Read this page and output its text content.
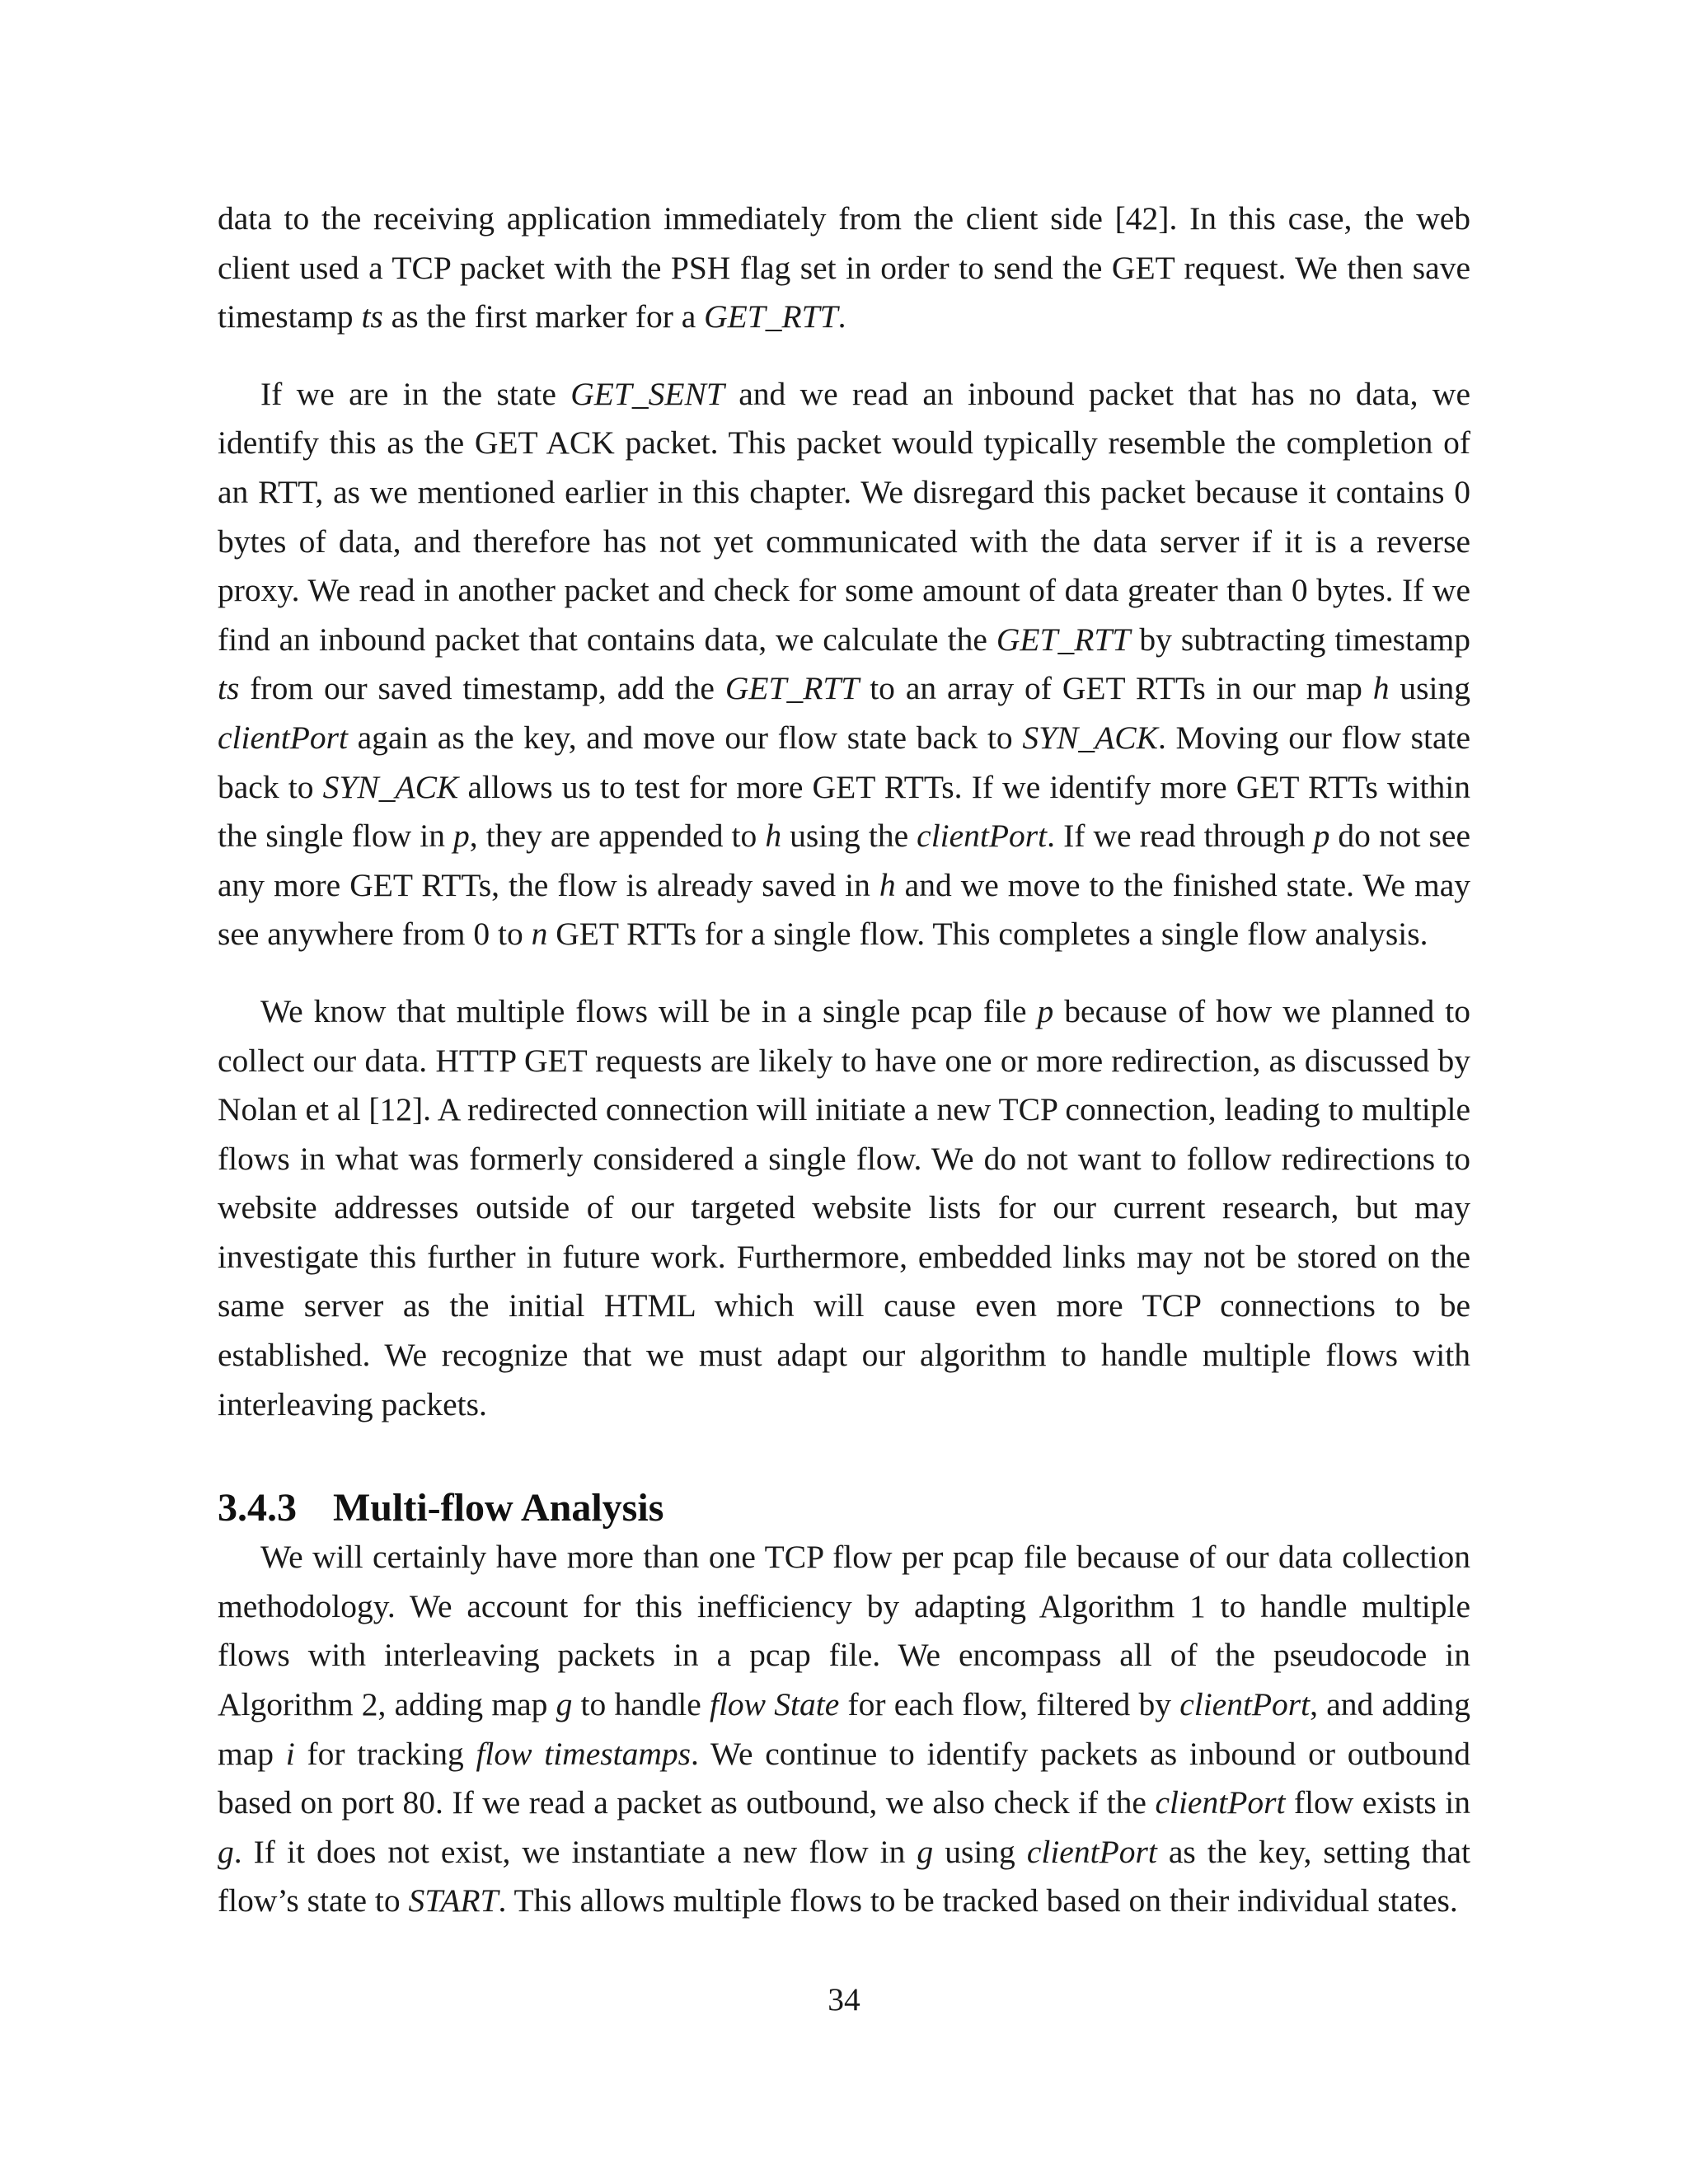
data to the receiving application immediately from the client side [42]. In this case, the web client used a TCP packet with the PSH flag set in order to send the GET request. We then save timestamp ts as the first marker for a GET_RTT.

If we are in the state GET_SENT and we read an inbound packet that has no data, we identify this as the GET ACK packet. This packet would typically resemble the completion of an RTT, as we mentioned earlier in this chapter. We disregard this packet because it contains 0 bytes of data, and therefore has not yet communicated with the data server if it is a reverse proxy. We read in another packet and check for some amount of data greater than 0 bytes. If we find an inbound packet that contains data, we calculate the GET_RTT by subtracting timestamp ts from our saved timestamp, add the GET_RTT to an array of GET RTTs in our map h using clientPort again as the key, and move our flow state back to SYN_ACK. Moving our flow state back to SYN_ACK allows us to test for more GET RTTs. If we identify more GET RTTs within the single flow in p, they are appended to h using the clientPort. If we read through p do not see any more GET RTTs, the flow is already saved in h and we move to the finished state. We may see anywhere from 0 to n GET RTTs for a single flow. This completes a single flow analysis.

We know that multiple flows will be in a single pcap file p because of how we planned to collect our data. HTTP GET requests are likely to have one or more redirection, as discussed by Nolan et al [12]. A redirected connection will initiate a new TCP connection, leading to multiple flows in what was formerly considered a single flow. We do not want to follow redirections to website addresses outside of our targeted website lists for our current research, but may investigate this further in future work. Furthermore, embedded links may not be stored on the same server as the initial HTML which will cause even more TCP connections to be established. We recognize that we must adapt our algorithm to handle multiple flows with interleaving packets.

3.4.3 Multi-flow Analysis

We will certainly have more than one TCP flow per pcap file because of our data collection methodology. We account for this inefficiency by adapting Algorithm 1 to handle multiple flows with interleaving packets in a pcap file. We encompass all of the pseudocode in Algorithm 2, adding map g to handle flow State for each flow, filtered by clientPort, and adding map i for tracking flow timestamps. We continue to identify packets as inbound or outbound based on port 80. If we read a packet as outbound, we also check if the clientPort flow exists in g. If it does not exist, we instantiate a new flow in g using clientPort as the key, setting that flow’s state to START. This allows multiple flows to be tracked based on their individual states.

34
